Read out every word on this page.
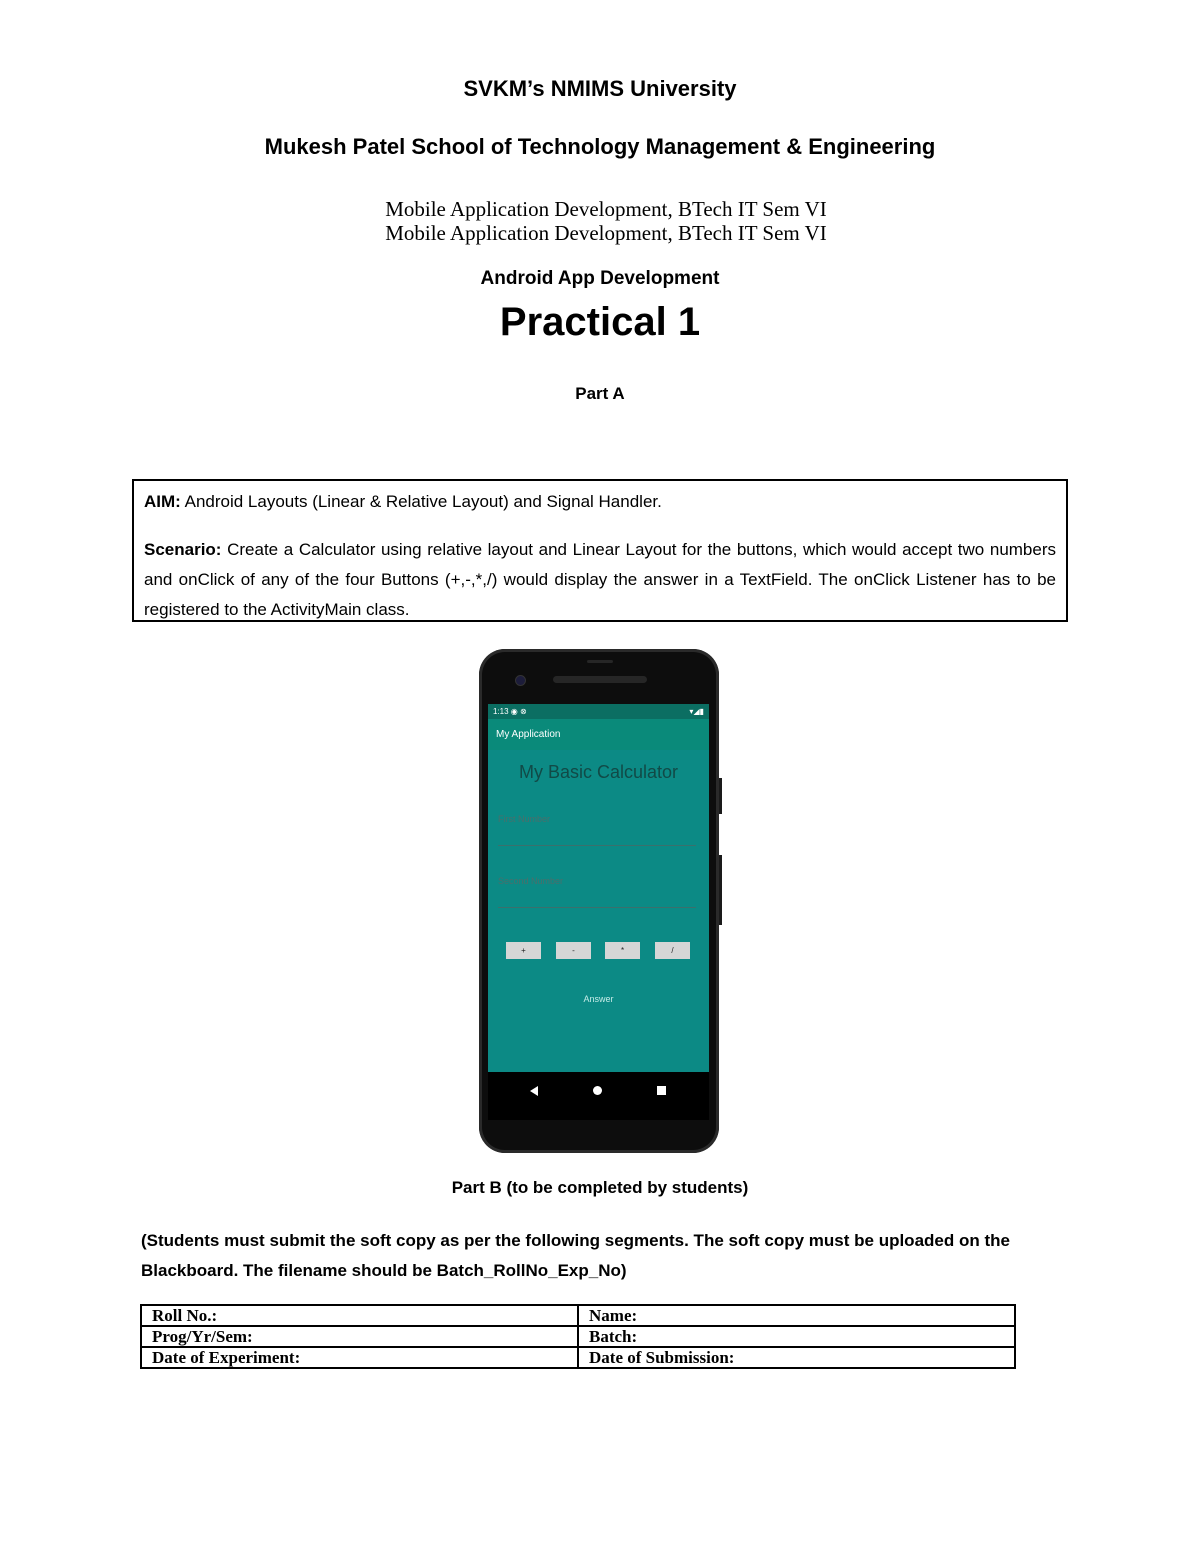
SVKM’s NMIMS University
Mukesh Patel School of Technology Management & Engineering
Mobile Application Development, BTech IT Sem VI
Mobile Application Development, BTech IT Sem VI
Android App Development
Practical 1
Part A
AIM: Android Layouts (Linear & Relative Layout) and Signal Handler.
Scenario: Create a Calculator using relative layout and Linear Layout for the buttons, which would accept two numbers and onClick of any of the four Buttons (+,-,*,/) would display the answer in a TextField. The onClick Listener has to be registered to the ActivityMain class.
1:13 ◉ ⊗	▾◢▮
My Application
My Basic Calculator
First Number
Second Number
+	-	*	/
Answer
Part B (to be completed by students)
(Students must submit the soft copy as per the following segments. The soft copy must be uploaded on the Blackboard. The filename should be Batch_RollNo_Exp_No)
Roll No.:	Name:
Prog/Yr/Sem:	Batch:
Date of Experiment:	Date of Submission:
